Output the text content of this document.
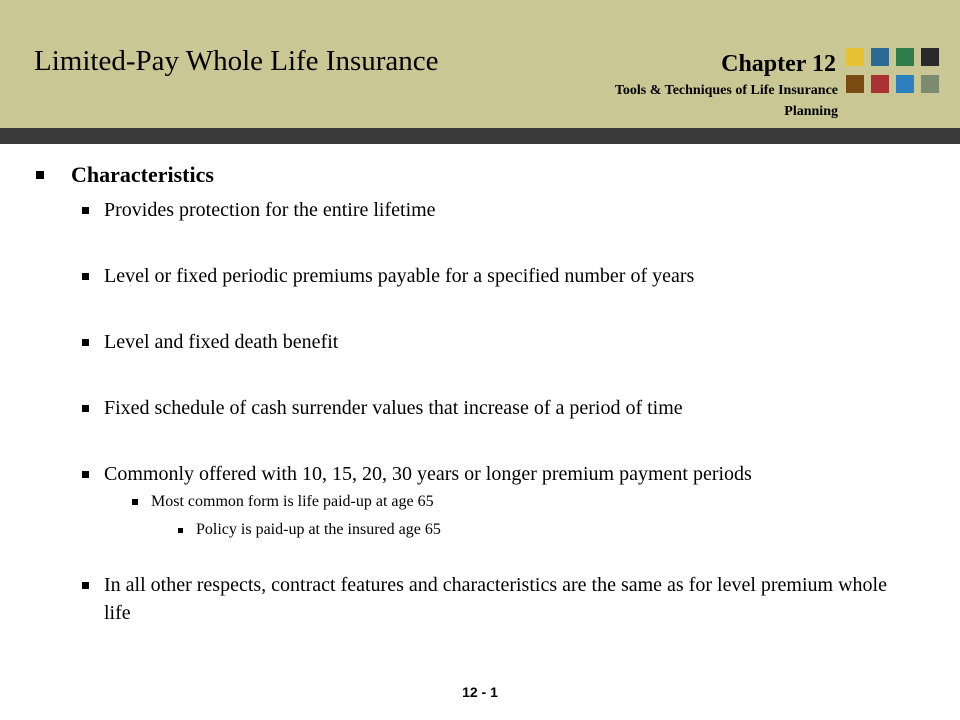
Limited-Pay Whole Life Insurance	Chapter 12
Tools & Techniques of Life Insurance Planning
Characteristics
Provides protection for the entire lifetime
Level or fixed periodic premiums payable for a specified number of years
Level and fixed death benefit
Fixed schedule of cash surrender values that increase of a period of time
Commonly offered with 10, 15, 20, 30 years or longer premium payment periods
Most common form is life paid-up at age 65
Policy is paid-up at the insured age 65
In all other respects, contract features and characteristics are the same as for level premium whole life
12 - 1
